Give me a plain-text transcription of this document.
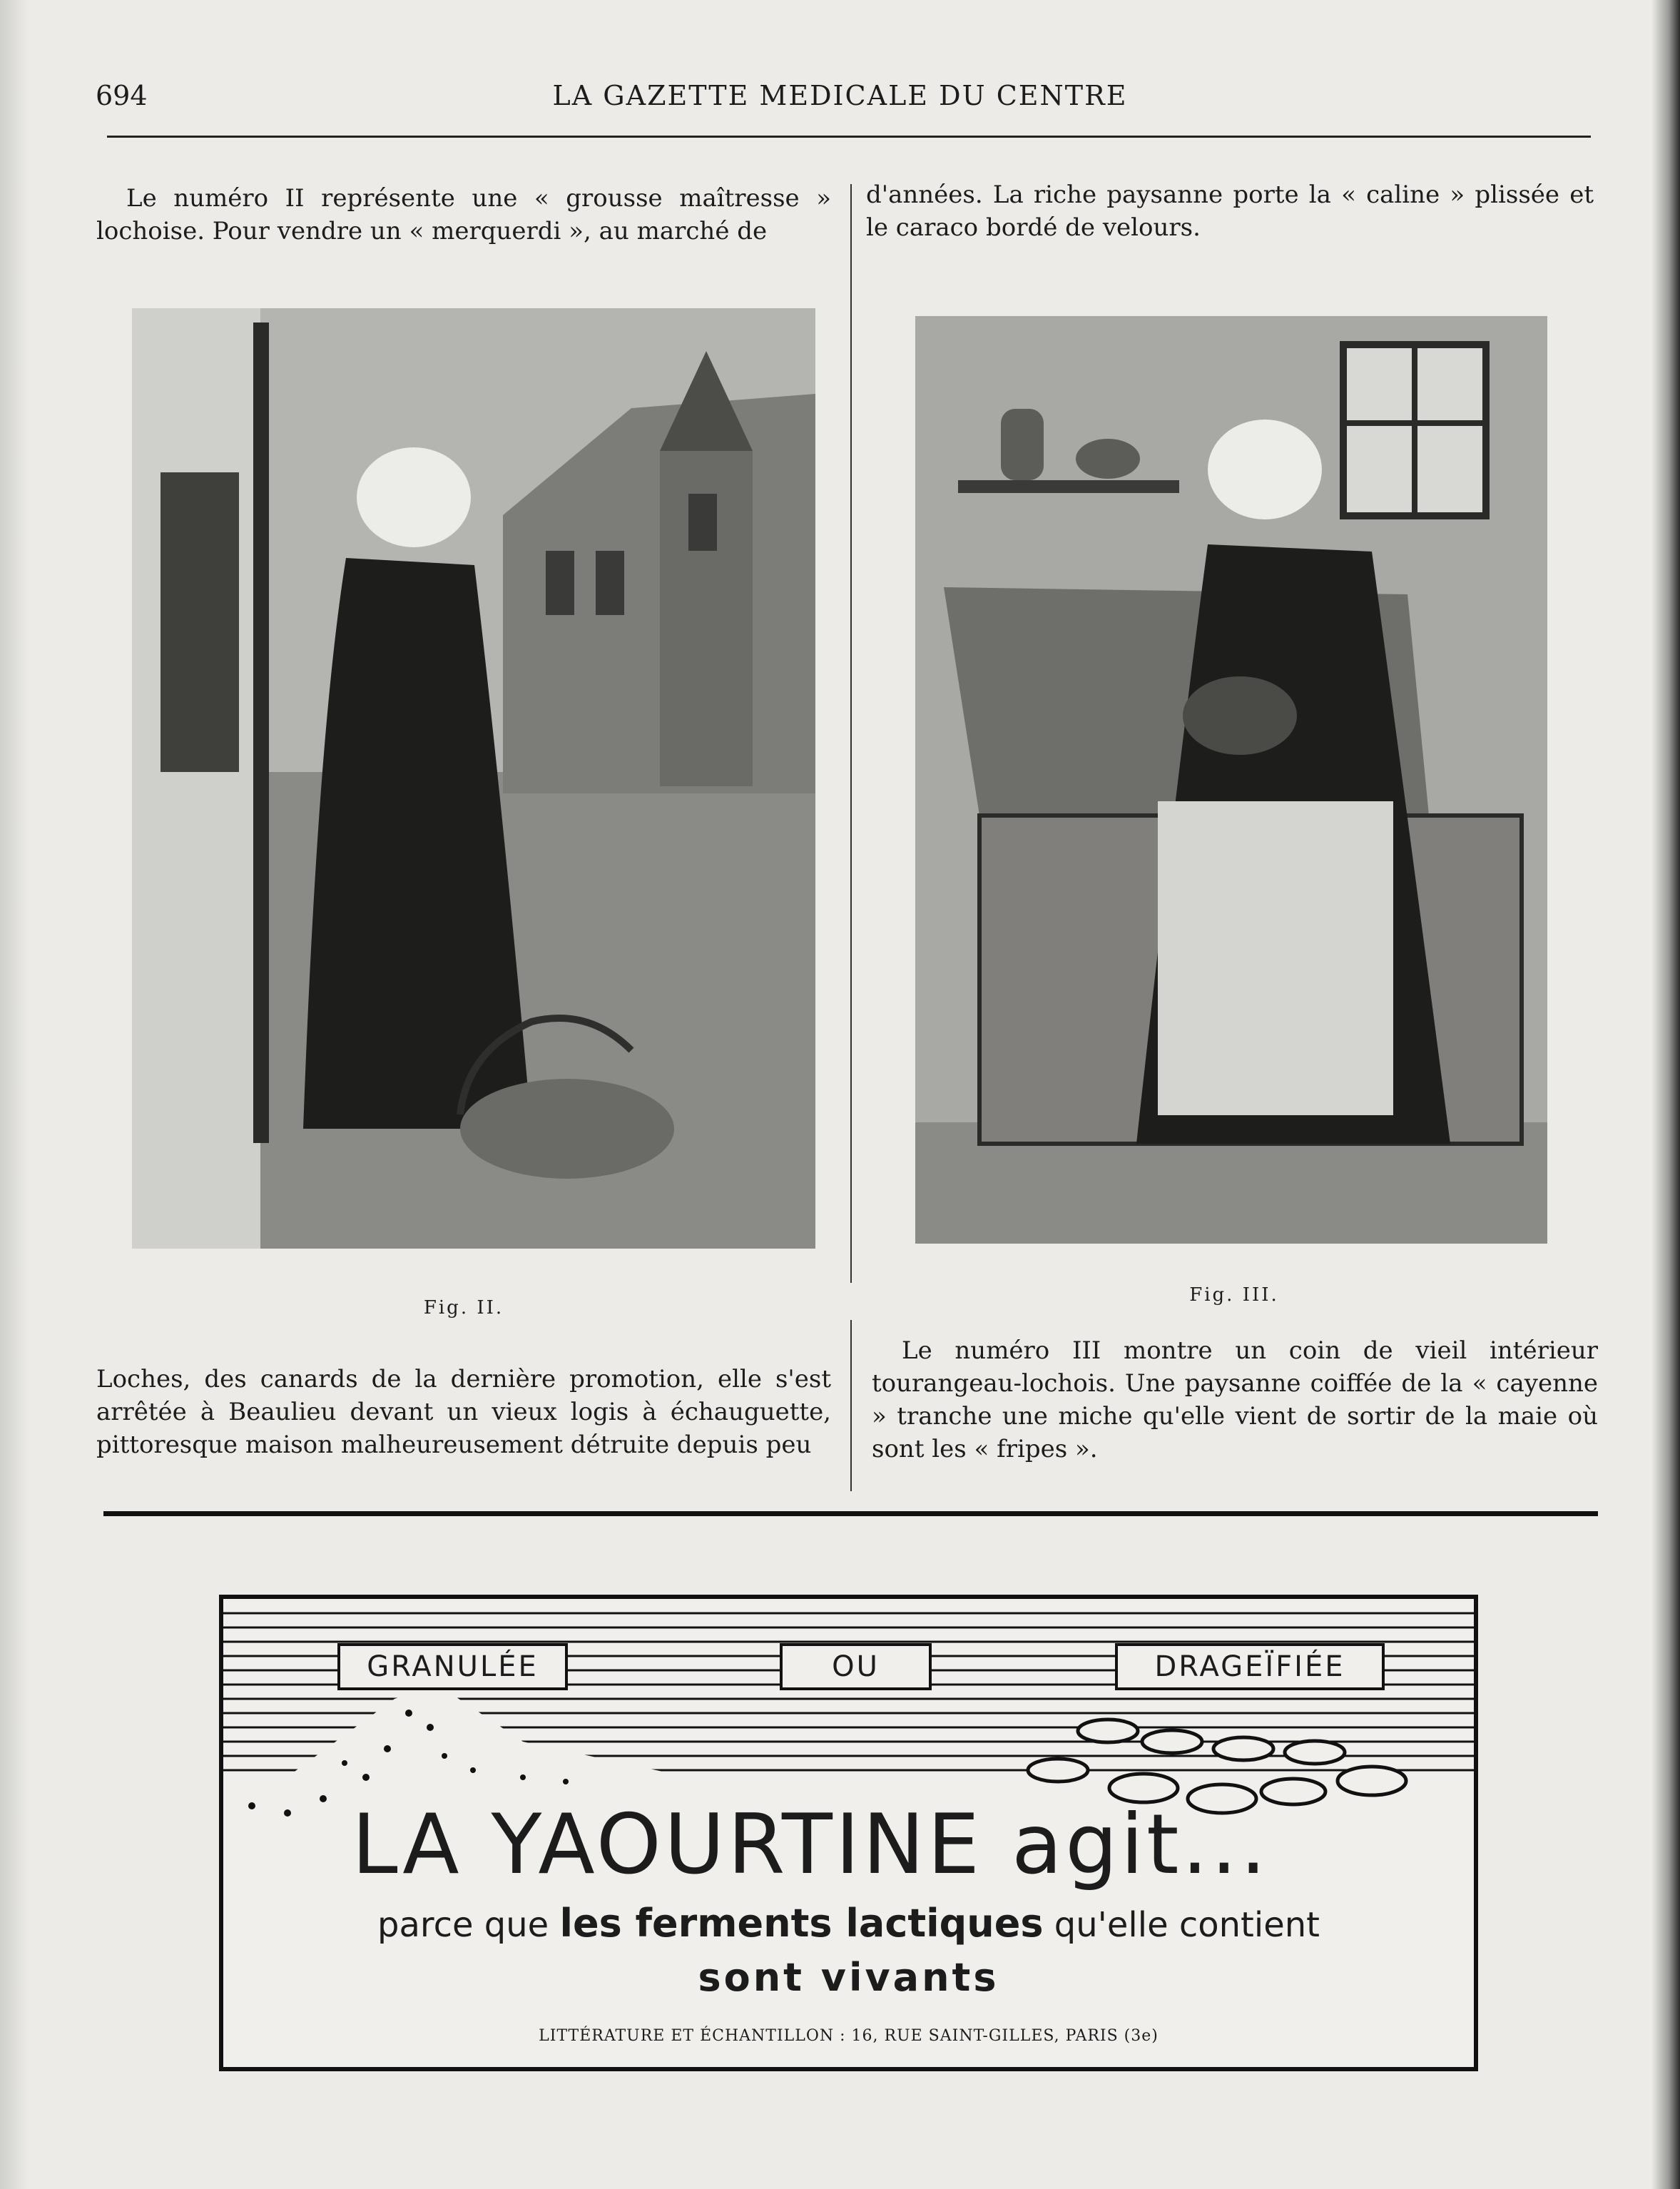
694	LA GAZETTE MEDICALE DU CENTRE

Le numéro II représente une « grousse maîtresse » lochoise. Pour vendre un « merquerdi », au marché de

d'années. La riche paysanne porte la « caline » plissée et le caraco bordé de velours.

Fig. II.
Fig. III.

Loches, des canards de la dernière promotion, elle s'est arrêtée à Beaulieu devant un vieux logis à échauguette, pittoresque maison malheureusement détruite depuis peu

Le numéro III montre un coin de vieil intérieur tourangeau-lochois. Une paysanne coiffée de la « cayenne » tranche une miche qu'elle vient de sortir de la maie où sont les « fripes ».

GRANULÉE	OU	DRAGEÏFIÉE
LA YAOURTINE agit...
parce que les ferments lactiques qu'elle contient
sont vivants
LITTÉRATURE ET ÉCHANTILLON : 16, RUE SAINT-GILLES, PARIS (3e)
